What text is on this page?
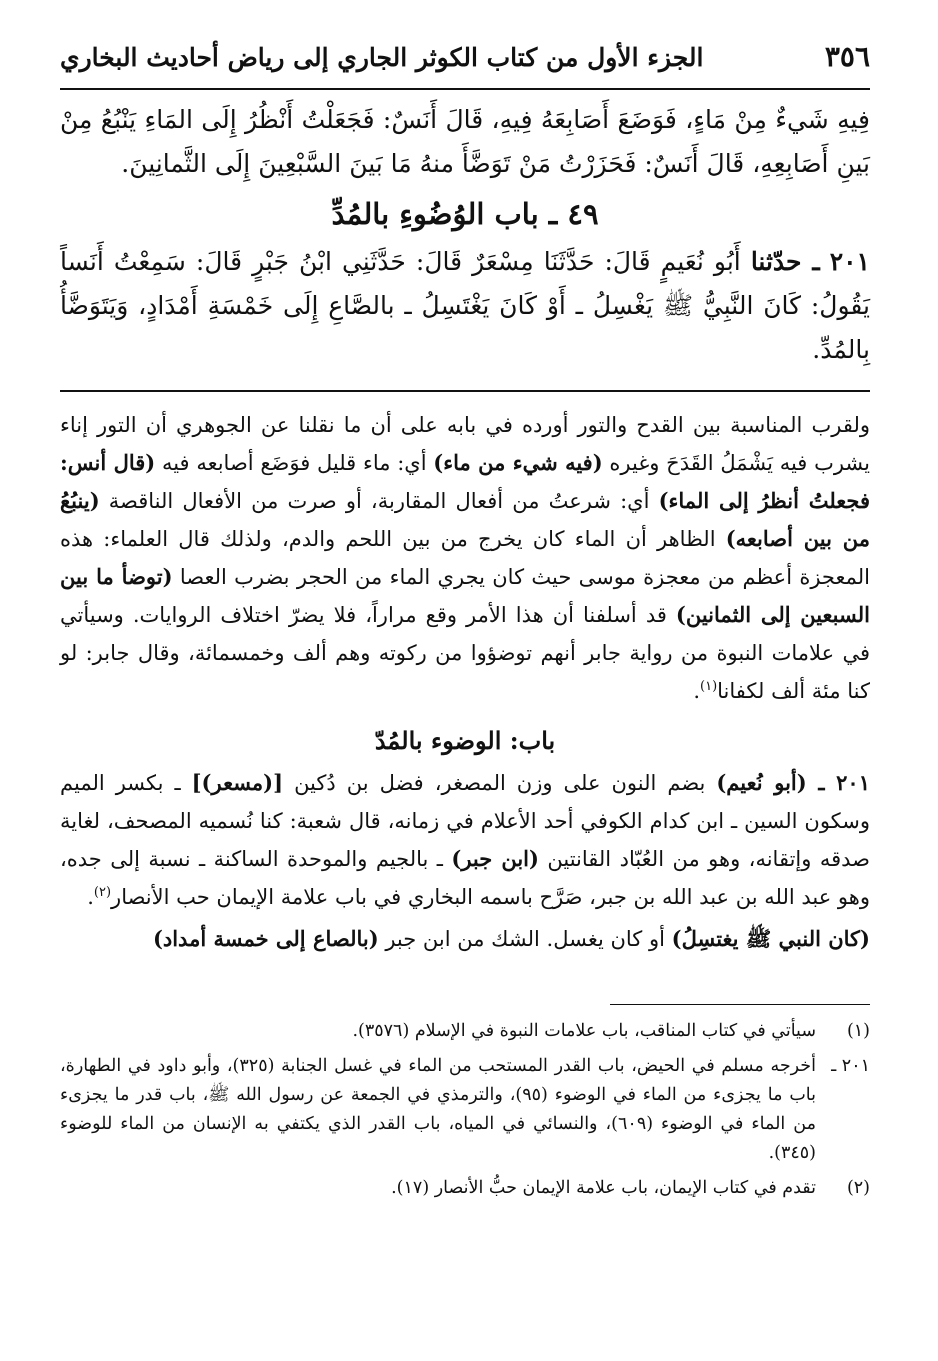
٣٥٦
الجزء الأول من كتاب الكوثر الجاري إلى رياض أحاديث البخاري

فِيهِ شَيءٌ مِنْ مَاءٍ، فَوَضَعَ أَصَابِعَهُ فِيهِ، قَالَ أَنَسٌ: فَجَعَلْتُ أَنْظُرُ إِلَى المَاءِ يَنْبُعُ مِنْ بَينِ أَصَابِعِهِ، قَالَ أَنَسٌ: فَحَزَرْتُ مَنْ تَوَضَّأَ منهُ مَا بَينَ السَّبْعِينَ إِلَى الثَّمانِينَ.

٤٩ ـ باب الوُضُوءِ بالمُدِّ

٢٠١ ـ حدّثنا أَبُو نُعَيمٍ قَالَ: حَدَّثَنَا مِسْعَرٌ قَالَ: حَدَّثَنِي ابْنُ جَبْرٍ قَالَ: سَمِعْتُ أَنَساً يَقُولُ: كَانَ النَّبِيُّ ﷺ يَغْسِلُ ـ أَوْ كَانَ يَغْتَسِلُ ـ بالصَّاعِ إِلَى خَمْسَةِ أَمْدَادٍ، وَيَتَوَضَّأُ بِالمُدِّ.

ولقرب المناسبة بين القدح والتور أورده في بابه على أن ما نقلنا عن الجوهري أن التور إناء يشرب فيه يَشْمَلُ القَدَحَ وغيره (فيه شيء من ماء) أي: ماء قليل فوَضَع أصابعه فيه (قال أنس: فجعلتُ أنظرُ إلى الماء) أي: شرعتُ من أفعال المقاربة، أو صرت من الأفعال الناقصة (ينبُعُ من بين أصابعه) الظاهر أن الماء كان يخرج من بين اللحم والدم، ولذلك قال العلماء: هذه المعجزة أعظم من معجزة موسى حيث كان يجري الماء من الحجر بضرب العصا (توضأ ما بين السبعين إلى الثمانين) قد أسلفنا أن هذا الأمر وقع مراراً، فلا يضرّ اختلاف الروايات. وسيأتي في علامات النبوة من رواية جابر أنهم توضؤوا من ركوته وهم ألف وخمسمائة، وقال جابر: لو كنا مئة ألف لكفانا$^{(١)}$.

باب: الوضوء بالمُدّ

٢٠١ ـ (أبو نُعيم) بضم النون على وزن المصغر، فضل بن دُكين [(مسعر)] ـ بكسر الميم وسكون السين ـ ابن كدام الكوفي أحد الأعلام في زمانه، قال شعبة: كنا نُسميه المصحف، لغاية صدقه وإتقانه، وهو من العُبّاد القانتين (ابن جبر) ـ بالجيم والموحدة الساكنة ـ نسبة إلى جده، وهو عبد الله بن عبد الله بن جبر، صَرَّح باسمه البخاري في باب علامة الإيمان حب الأنصار$^{(٢)}$.

(كان النبي ﷺ يغتسِلُ) أو كان يغسل. الشك من ابن جبر (بالصاع إلى خمسة أمداد)

(١)
سيأتي في كتاب المناقب، باب علامات النبوة في الإسلام (٣٥٧٦).
٢٠١ ـ
أخرجه مسلم في الحيض، باب القدر المستحب من الماء في غسل الجنابة (٣٢٥)، وأبو داود في الطهارة، باب ما يجزىء من الماء في الوضوء (٩٥)، والترمذي في الجمعة عن رسول الله ﷺ، باب قدر ما يجزىء من الماء في الوضوء (٦٠٩)، والنسائي في المياه، باب القدر الذي يكتفي به الإنسان من الماء للوضوء (٣٤٥).
(٢)
تقدم في كتاب الإيمان، باب علامة الإيمان حبُّ الأنصار (١٧).
